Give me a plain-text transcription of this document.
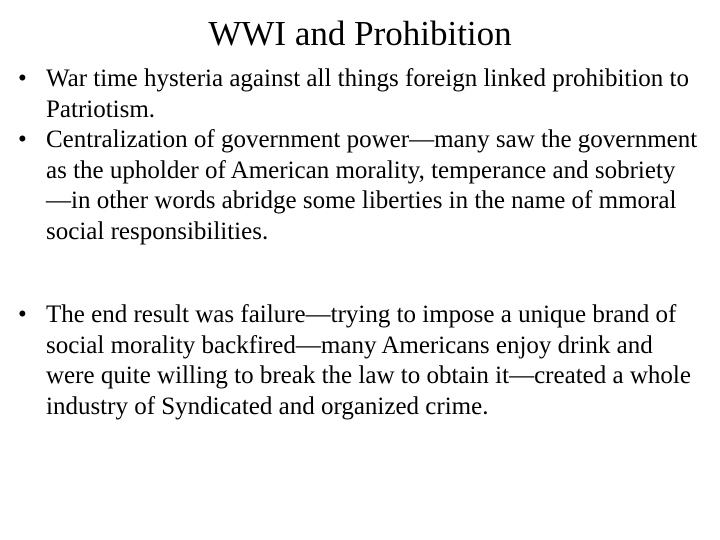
WWI and Prohibition
• War time hysteria against all things foreign linked prohibition to Patriotism.
• Centralization of government power—many saw the government as the upholder of American morality, temperance and sobriety—in other words abridge some liberties in the name of mmoral social responsibilities.
• The end result was failure—trying to impose a unique brand of social morality backfired—many Americans enjoy drink and were quite willing to break the law to obtain it—created a whole industry of Syndicated and organized crime.
